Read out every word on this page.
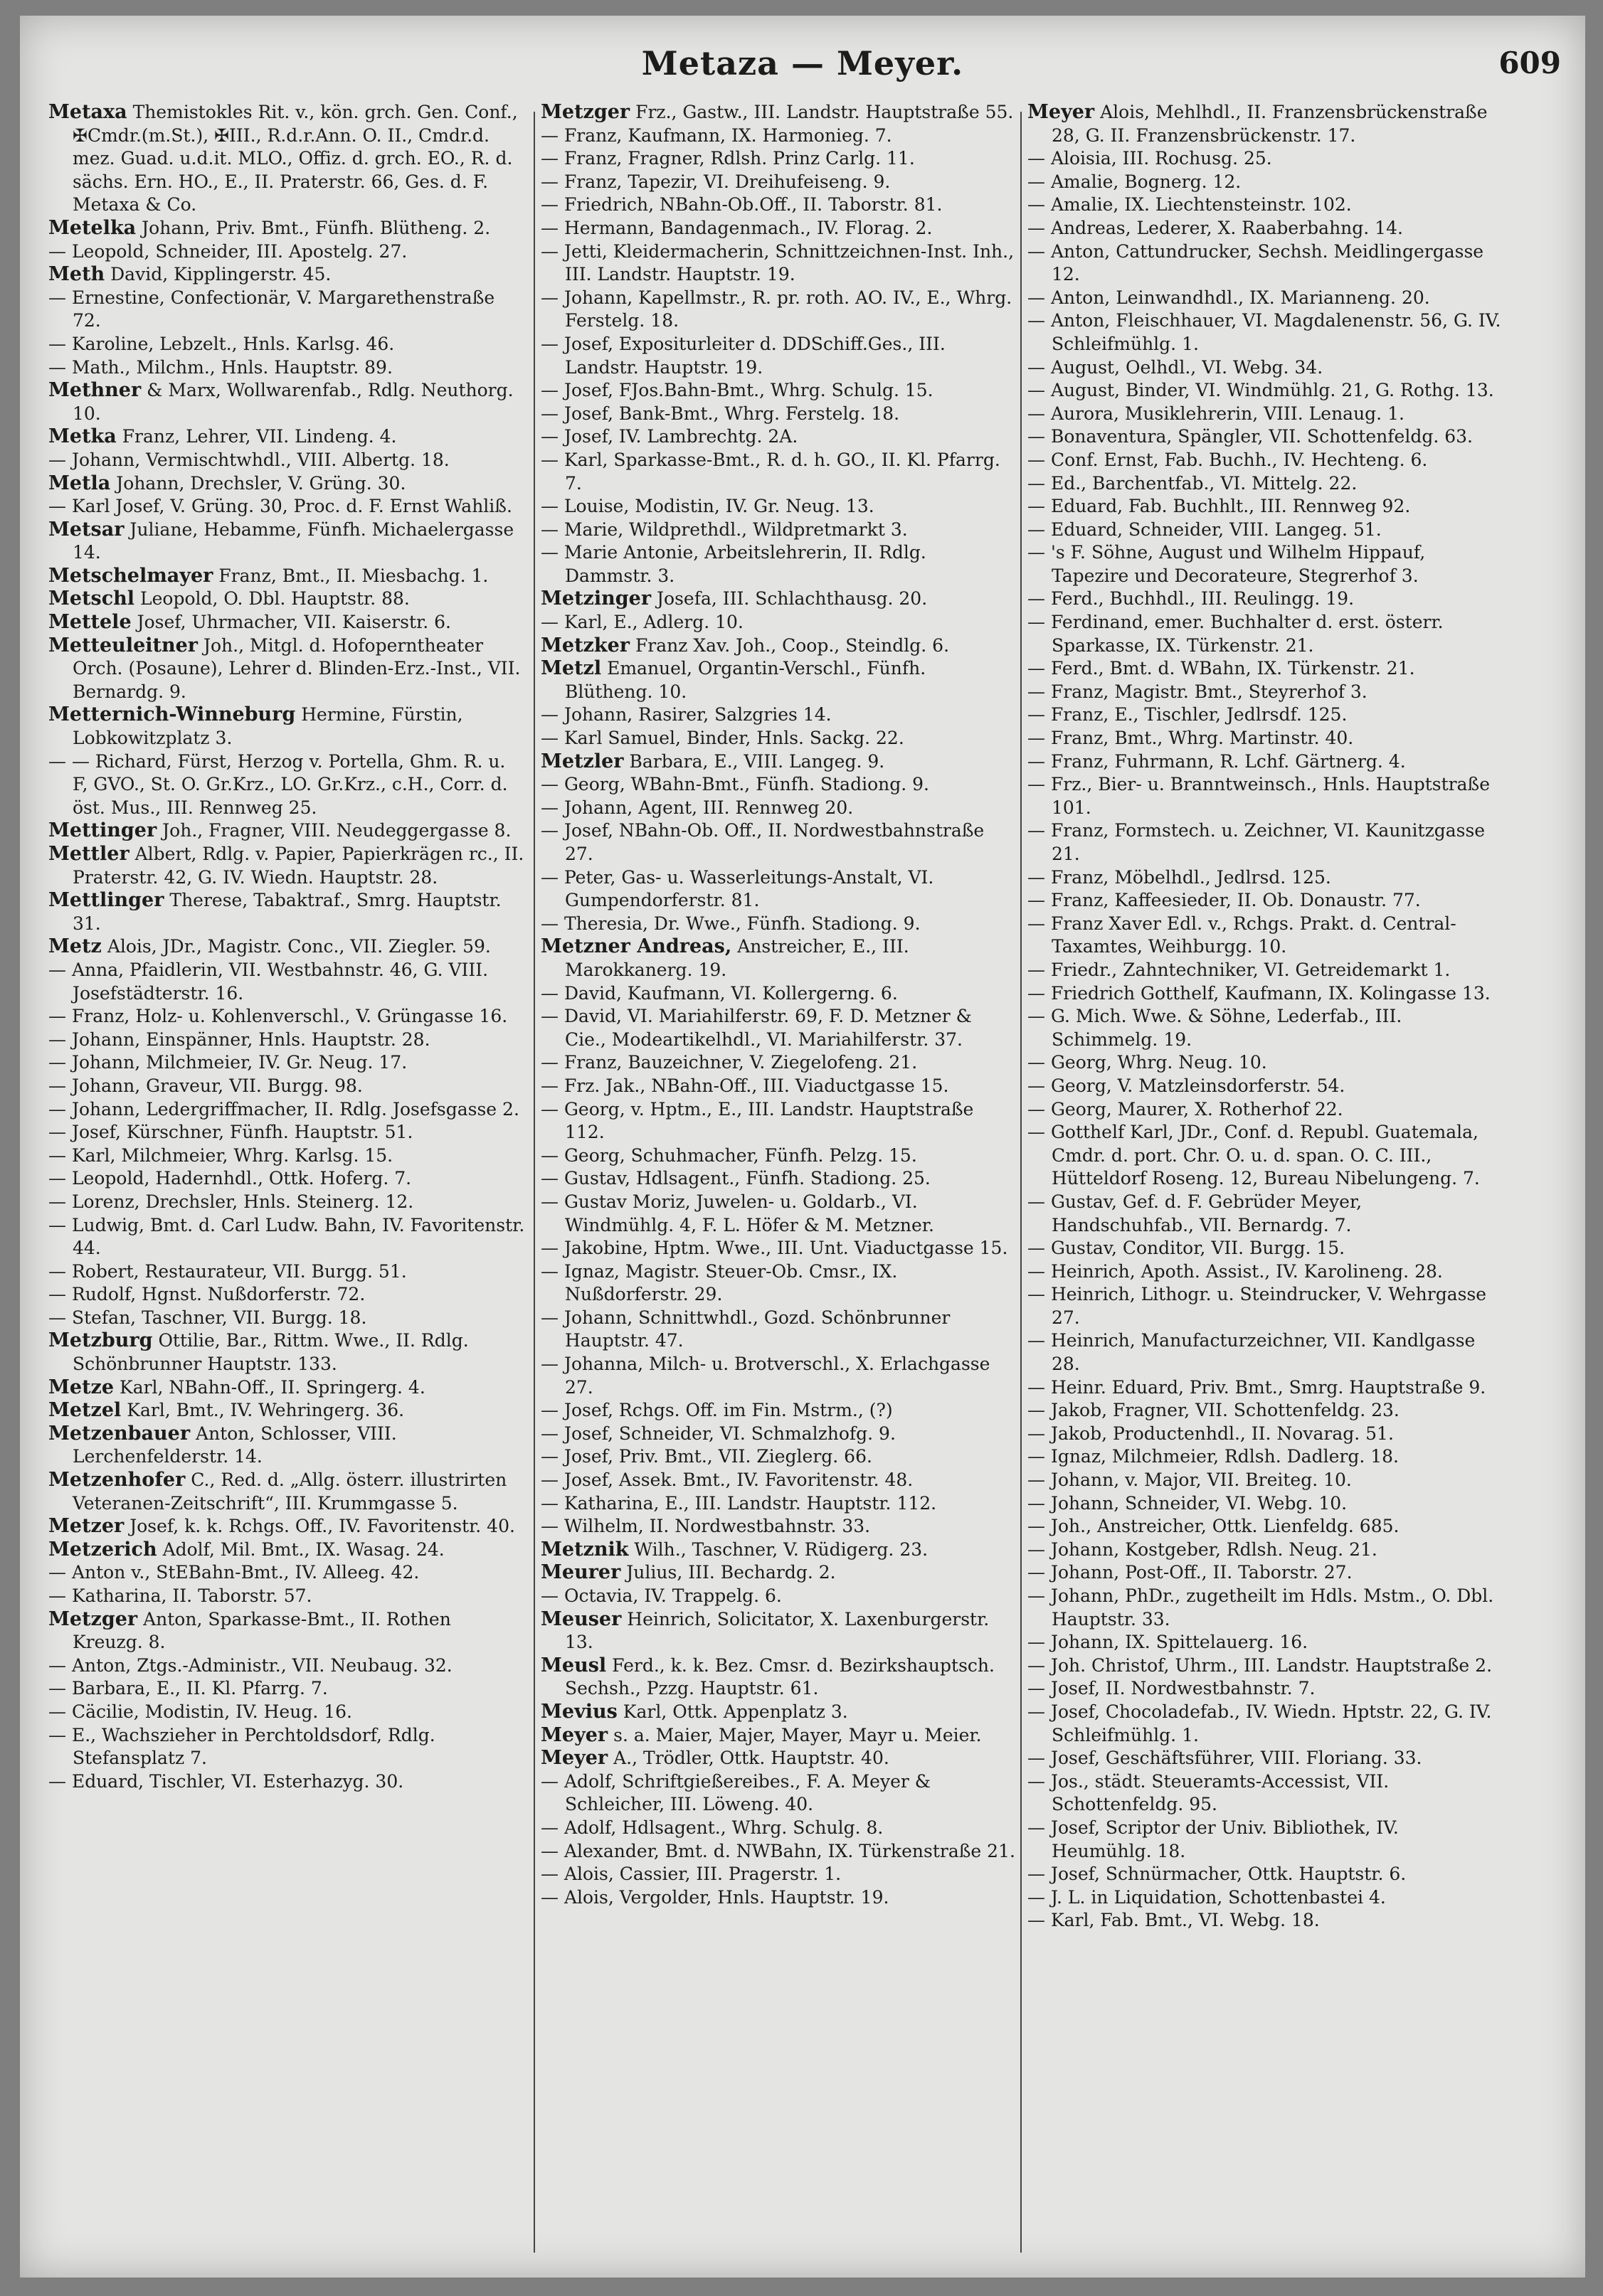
Metaza — Meyer.	609

Metaxa Themistokles Rit. v., kön. grch. Gen. Conf., ✠Cmdr.(m.St.), ✠III., R.d.r.Ann. O. II., Cmdr.d. mez. Guad. u.d.it. MLO., Offiz. d. grch. EO., R. d. sächs. Ern. HO., E., II. Praterstr. 66, Ges. d. F. Metaxa & Co.

Metelka Johann, Priv. Bmt., Fünfh. Blütheng. 2.

— Leopold, Schneider, III. Apostelg. 27.

Meth David, Kipplingerstr. 45.

— Ernestine, Confectionär, V. Margarethenstraße 72.

— Karoline, Lebzelt., Hnls. Karlsg. 46.

— Math., Milchm., Hnls. Hauptstr. 89.

Methner & Marx, Wollwarenfab., Rdlg. Neuthorg. 10.

Metka Franz, Lehrer, VII. Lindeng. 4.

— Johann, Vermischtwhdl., VIII. Albertg. 18.

Metla Johann, Drechsler, V. Grüng. 30.

— Karl Josef, V. Grüng. 30, Proc. d. F. Ernst Wahliß.

Metsar Juliane, Hebamme, Fünfh. Michaelergasse 14.

Metschelmayer Franz, Bmt., II. Miesbachg. 1.

Metschl Leopold, O. Dbl. Hauptstr. 88.

Mettele Josef, Uhrmacher, VII. Kaiserstr. 6.

Metteuleitner Joh., Mitgl. d. Hofoperntheater Orch. (Posaune), Lehrer d. Blinden-Erz.-Inst., VII. Bernardg. 9.

Metternich-Winneburg Hermine, Fürstin, Lobkowitzplatz 3.

— — Richard, Fürst, Herzog v. Portella, Ghm. R. u. F, GVO., St. O. Gr.Krz., LO. Gr.Krz., c.H., Corr. d. öst. Mus., III. Rennweg 25.

Mettinger Joh., Fragner, VIII. Neudeggergasse 8.

Mettler Albert, Rdlg. v. Papier, Papierkrägen rc., II. Praterstr. 42, G. IV. Wiedn. Hauptstr. 28.

Mettlinger Therese, Tabaktraf., Smrg. Hauptstr. 31.

Metz Alois, JDr., Magistr. Conc., VII. Ziegler. 59.

— Anna, Pfaidlerin, VII. Westbahnstr. 46, G. VIII. Josefstädterstr. 16.

— Franz, Holz- u. Kohlenverschl., V. Grüngasse 16.

— Johann, Einspänner, Hnls. Hauptstr. 28.

— Johann, Milchmeier, IV. Gr. Neug. 17.

— Johann, Graveur, VII. Burgg. 98.

— Johann, Ledergriffmacher, II. Rdlg. Josefsgasse 2.

— Josef, Kürschner, Fünfh. Hauptstr. 51.

— Karl, Milchmeier, Whrg. Karlsg. 15.

— Leopold, Hadernhdl., Ottk. Hoferg. 7.

— Lorenz, Drechsler, Hnls. Steinerg. 12.

— Ludwig, Bmt. d. Carl Ludw. Bahn, IV. Favoritenstr. 44.

— Robert, Restaurateur, VII. Burgg. 51.

— Rudolf, Hgnst. Nußdorferstr. 72.

— Stefan, Taschner, VII. Burgg. 18.

Metzburg Ottilie, Bar., Rittm. Wwe., II. Rdlg. Schönbrunner Hauptstr. 133.

Metze Karl, NBahn-Off., II. Springerg. 4.

Metzel Karl, Bmt., IV. Wehringerg. 36.

Metzenbauer Anton, Schlosser, VIII. Lerchenfelderstr. 14.

Metzenhofer C., Red. d. „Allg. österr. illustrirten Veteranen-Zeitschrift“, III. Krummgasse 5.

Metzer Josef, k. k. Rchgs. Off., IV. Favoritenstr. 40.

Metzerich Adolf, Mil. Bmt., IX. Wasag. 24.

— Anton v., StEBahn-Bmt., IV. Alleeg. 42.

— Katharina, II. Taborstr. 57.

Metzger Anton, Sparkasse-Bmt., II. Rothen Kreuzg. 8.

— Anton, Ztgs.-Administr., VII. Neubaug. 32.

— Barbara, E., II. Kl. Pfarrg. 7.

— Cäcilie, Modistin, IV. Heug. 16.

— E., Wachszieher in Perchtoldsdorf, Rdlg. Stefansplatz 7.

— Eduard, Tischler, VI. Esterhazyg. 30.

Metzger Frz., Gastw., III. Landstr. Hauptstraße 55.

— Franz, Kaufmann, IX. Harmonieg. 7.

— Franz, Fragner, Rdlsh. Prinz Carlg. 11.

— Franz, Tapezir, VI. Dreihufeiseng. 9.

— Friedrich, NBahn-Ob.Off., II. Taborstr. 81.

— Hermann, Bandagenmach., IV. Florag. 2.

— Jetti, Kleidermacherin, Schnittzeichnen-Inst. Inh., III. Landstr. Hauptstr. 19.

— Johann, Kapellmstr., R. pr. roth. AO. IV., E., Whrg. Ferstelg. 18.

— Josef, Expositurleiter d. DDSchiff.Ges., III. Landstr. Hauptstr. 19.

— Josef, FJos.Bahn-Bmt., Whrg. Schulg. 15.

— Josef, Bank-Bmt., Whrg. Ferstelg. 18.

— Josef, IV. Lambrechtg. 2A.

— Karl, Sparkasse-Bmt., R. d. h. GO., II. Kl. Pfarrg. 7.

— Louise, Modistin, IV. Gr. Neug. 13.

— Marie, Wildprethdl., Wildpretmarkt 3.

— Marie Antonie, Arbeitslehrerin, II. Rdlg. Dammstr. 3.

Metzinger Josefa, III. Schlachthausg. 20.

— Karl, E., Adlerg. 10.

Metzker Franz Xav. Joh., Coop., Steindlg. 6.

Metzl Emanuel, Organtin-Verschl., Fünfh. Blütheng. 10.

— Johann, Rasirer, Salzgries 14.

— Karl Samuel, Binder, Hnls. Sackg. 22.

Metzler Barbara, E., VIII. Langeg. 9.

— Georg, WBahn-Bmt., Fünfh. Stadiong. 9.

— Johann, Agent, III. Rennweg 20.

— Josef, NBahn-Ob. Off., II. Nordwestbahnstraße 27.

— Peter, Gas- u. Wasserleitungs-Anstalt, VI. Gumpendorferstr. 81.

— Theresia, Dr. Wwe., Fünfh. Stadiong. 9.

Metzner Andreas, Anstreicher, E., III. Marokkanerg. 19.

— David, Kaufmann, VI. Kollergerng. 6.

— David, VI. Mariahilferstr. 69, F. D. Metzner & Cie., Modeartikelhdl., VI. Mariahilferstr. 37.

— Franz, Bauzeichner, V. Ziegelofeng. 21.

— Frz. Jak., NBahn-Off., III. Viaductgasse 15.

— Georg, v. Hptm., E., III. Landstr. Hauptstraße 112.

— Georg, Schuhmacher, Fünfh. Pelzg. 15.

— Gustav, Hdlsagent., Fünfh. Stadiong. 25.

— Gustav Moriz, Juwelen- u. Goldarb., VI. Windmühlg. 4, F. L. Höfer & M. Metzner.

— Jakobine, Hptm. Wwe., III. Unt. Viaductgasse 15.

— Ignaz, Magistr. Steuer-Ob. Cmsr., IX. Nußdorferstr. 29.

— Johann, Schnittwhdl., Gozd. Schönbrunner Hauptstr. 47.

— Johanna, Milch- u. Brotverschl., X. Erlachgasse 27.

— Josef, Rchgs. Off. im Fin. Mstrm., (?)

— Josef, Schneider, VI. Schmalzhofg. 9.

— Josef, Priv. Bmt., VII. Zieglerg. 66.

— Josef, Assek. Bmt., IV. Favoritenstr. 48.

— Katharina, E., III. Landstr. Hauptstr. 112.

— Wilhelm, II. Nordwestbahnstr. 33.

Metznik Wilh., Taschner, V. Rüdigerg. 23.

Meurer Julius, III. Bechardg. 2.

— Octavia, IV. Trappelg. 6.

Meuser Heinrich, Solicitator, X. Laxenburgerstr. 13.

Meusl Ferd., k. k. Bez. Cmsr. d. Bezirkshauptsch. Sechsh., Pzzg. Hauptstr. 61.

Mevius Karl, Ottk. Appenplatz 3.

Meyer s. a. Maier, Majer, Mayer, Mayr u. Meier.

Meyer A., Trödler, Ottk. Hauptstr. 40.

— Adolf, Schriftgießereibes., F. A. Meyer & Schleicher, III. Löweng. 40.

— Adolf, Hdlsagent., Whrg. Schulg. 8.

— Alexander, Bmt. d. NWBahn, IX. Türkenstraße 21.

— Alois, Cassier, III. Pragerstr. 1.

— Alois, Vergolder, Hnls. Hauptstr. 19.

Meyer Alois, Mehlhdl., II. Franzensbrückenstraße 28, G. II. Franzensbrückenstr. 17.

— Aloisia, III. Rochusg. 25.

— Amalie, Bognerg. 12.

— Amalie, IX. Liechtensteinstr. 102.

— Andreas, Lederer, X. Raaberbahng. 14.

— Anton, Cattundrucker, Sechsh. Meidlingergasse 12.

— Anton, Leinwandhdl., IX. Marianneng. 20.

— Anton, Fleischhauer, VI. Magdalenenstr. 56, G. IV. Schleifmühlg. 1.

— August, Oelhdl., VI. Webg. 34.

— August, Binder, VI. Windmühlg. 21, G. Rothg. 13.

— Aurora, Musiklehrerin, VIII. Lenaug. 1.

— Bonaventura, Spängler, VII. Schottenfeldg. 63.

— Conf. Ernst, Fab. Buchh., IV. Hechteng. 6.

— Ed., Barchentfab., VI. Mittelg. 22.

— Eduard, Fab. Buchhlt., III. Rennweg 92.

— Eduard, Schneider, VIII. Langeg. 51.

— 's F. Söhne, August und Wilhelm Hippauf, Tapezire und Decorateure, Stegrerhof 3.

— Ferd., Buchhdl., III. Reulingg. 19.

— Ferdinand, emer. Buchhalter d. erst. österr. Sparkasse, IX. Türkenstr. 21.

— Ferd., Bmt. d. WBahn, IX. Türkenstr. 21.

— Franz, Magistr. Bmt., Steyrerhof 3.

— Franz, E., Tischler, Jedlrsdf. 125.

— Franz, Bmt., Whrg. Martinstr. 40.

— Franz, Fuhrmann, R. Lchf. Gärtnerg. 4.

— Frz., Bier- u. Branntweinsch., Hnls. Hauptstraße 101.

— Franz, Formstech. u. Zeichner, VI. Kaunitzgasse 21.

— Franz, Möbelhdl., Jedlrsd. 125.

— Franz, Kaffeesieder, II. Ob. Donaustr. 77.

— Franz Xaver Edl. v., Rchgs. Prakt. d. Central-Taxamtes, Weihburgg. 10.

— Friedr., Zahntechniker, VI. Getreidemarkt 1.

— Friedrich Gotthelf, Kaufmann, IX. Kolingasse 13.

— G. Mich. Wwe. & Söhne, Lederfab., III. Schimmelg. 19.

— Georg, Whrg. Neug. 10.

— Georg, V. Matzleinsdorferstr. 54.

— Georg, Maurer, X. Rotherhof 22.

— Gotthelf Karl, JDr., Conf. d. Republ. Guatemala, Cmdr. d. port. Chr. O. u. d. span. O. C. III., Hütteldorf Roseng. 12, Bureau Nibelungeng. 7.

— Gustav, Gef. d. F. Gebrüder Meyer, Handschuhfab., VII. Bernardg. 7.

— Gustav, Conditor, VII. Burgg. 15.

— Heinrich, Apoth. Assist., IV. Karolineng. 28.

— Heinrich, Lithogr. u. Steindrucker, V. Wehrgasse 27.

— Heinrich, Manufacturzeichner, VII. Kandlgasse 28.

— Heinr. Eduard, Priv. Bmt., Smrg. Hauptstraße 9.

— Jakob, Fragner, VII. Schottenfeldg. 23.

— Jakob, Productenhdl., II. Novarag. 51.

— Ignaz, Milchmeier, Rdlsh. Dadlerg. 18.

— Johann, v. Major, VII. Breiteg. 10.

— Johann, Schneider, VI. Webg. 10.

— Joh., Anstreicher, Ottk. Lienfeldg. 685.

— Johann, Kostgeber, Rdlsh. Neug. 21.

— Johann, Post-Off., II. Taborstr. 27.

— Johann, PhDr., zugetheilt im Hdls. Mstm., O. Dbl. Hauptstr. 33.

— Johann, IX. Spittelauerg. 16.

— Joh. Christof, Uhrm., III. Landstr. Hauptstraße 2.

— Josef, II. Nordwestbahnstr. 7.

— Josef, Chocoladefab., IV. Wiedn. Hptstr. 22, G. IV. Schleifmühlg. 1.

— Josef, Geschäftsführer, VIII. Floriang. 33.

— Jos., städt. Steueramts-Accessist, VII. Schottenfeldg. 95.

— Josef, Scriptor der Univ. Bibliothek, IV. Heumühlg. 18.

— Josef, Schnürmacher, Ottk. Hauptstr. 6.

— J. L. in Liquidation, Schottenbastei 4.

— Karl, Fab. Bmt., VI. Webg. 18.
